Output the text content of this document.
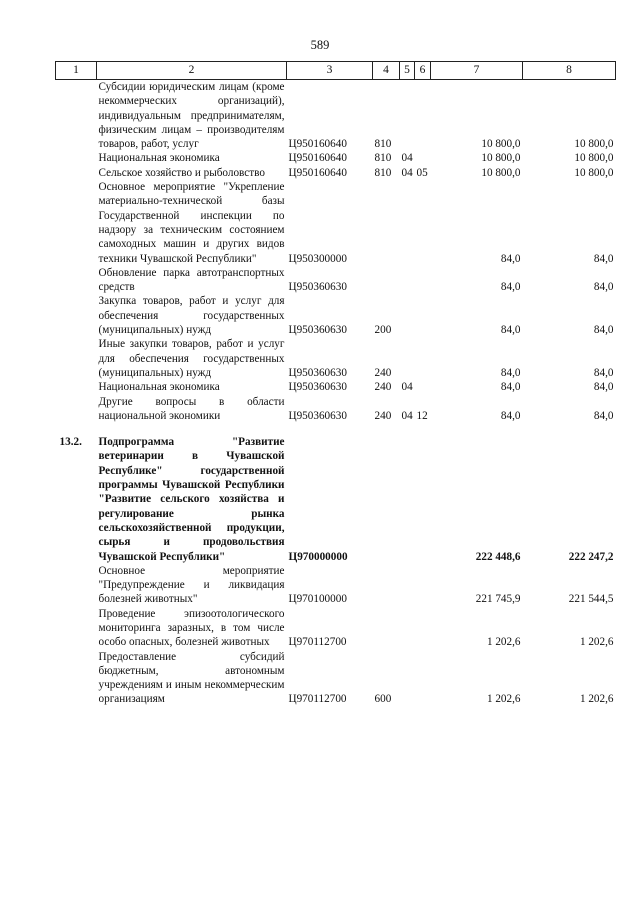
589
1	2	3	4	5	6	7	8

	Субсидии юридическим лицам (кроме некоммерческих организаций), индивидуальным предпринимателям, физическим лицам – производителям товаров, работ, услуг	Ц950160640	810			10 800,0	10 800,0

	Национальная экономика	Ц950160640	810	04		10 800,0	10 800,0

	Сельское хозяйство и рыболовство	Ц950160640	810	04	05	10 800,0	10 800,0

	Основное мероприятие "Укрепление материально-технической базы Государственной инспекции по надзору за техническим состоянием самоходных машин и других видов техники Чувашской Республики"	Ц950300000				84,0	84,0

	Обновление парка автотранспортных средств	Ц950360630				84,0	84,0

	Закупка товаров, работ и услуг для обеспечения государственных (муниципальных) нужд	Ц950360630	200			84,0	84,0

	Иные закупки товаров, работ и услуг для обеспечения государственных (муниципальных) нужд	Ц950360630	240			84,0	84,0

	Национальная экономика	Ц950360630	240	04		84,0	84,0

	Другие вопросы в области национальной экономики	Ц950360630	240	04	12	84,0	84,0

13.2.	Подпрограмма "Развитие ветеринарии в Чувашской Республике" государственной программы Чувашской Республики "Развитие сельского хозяйства и регулирование рынка сельскохозяйственной продукции, сырья и продовольствия Чувашской Республики"	Ц970000000				222 448,6	222 247,2

	Основное мероприятие "Предупреждение и ликвидация болезней животных"	Ц970100000				221 745,9	221 544,5

	Проведение эпизоотологического мониторинга заразных, в том числе особо опасных, болезней животных	Ц970112700				1 202,6	1 202,6

	Предоставление субсидий бюджетным, автономным учреждениям и иным некоммерческим организациям	Ц970112700	600			1 202,6	1 202,6
